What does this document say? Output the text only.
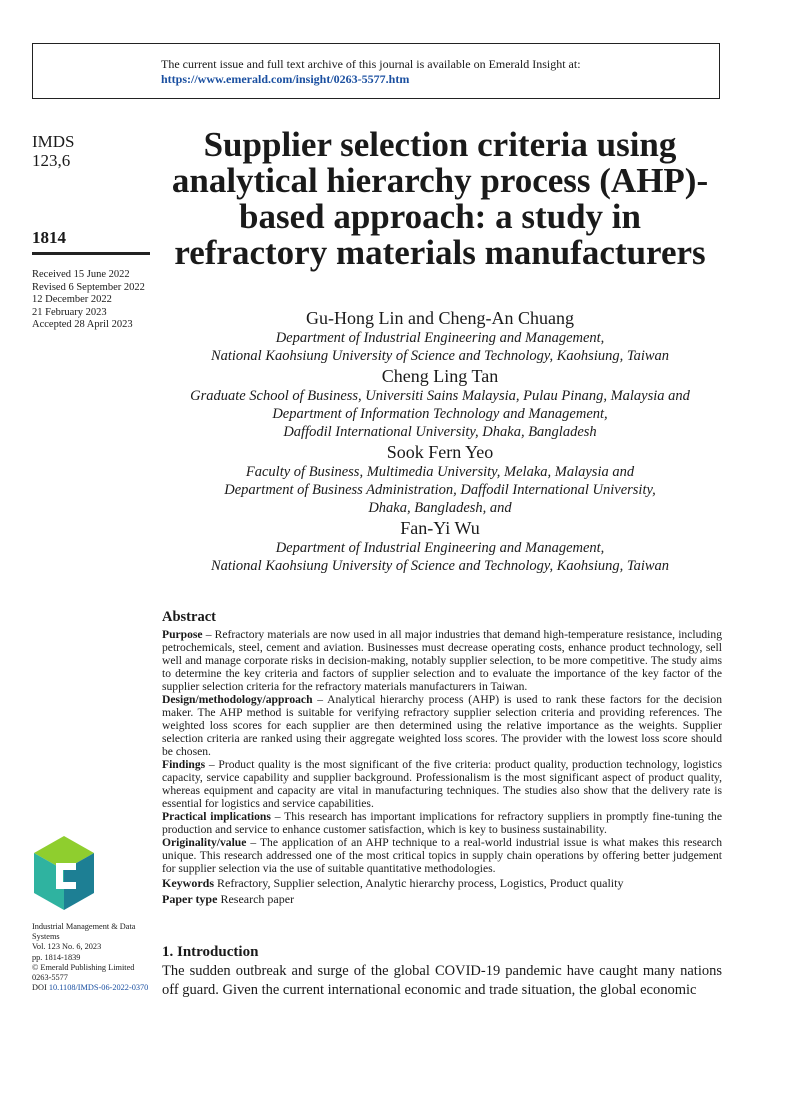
The current issue and full text archive of this journal is available on Emerald Insight at:
https://www.emerald.com/insight/0263-5577.htm
IMDS
123,6
1814
Received 15 June 2022
Revised 6 September 2022
12 December 2022
21 February 2023
Accepted 28 April 2023
Supplier selection criteria using analytical hierarchy process (AHP)-based approach: a study in refractory materials manufacturers
Gu-Hong Lin and Cheng-An Chuang
Department of Industrial Engineering and Management,
National Kaohsiung University of Science and Technology, Kaohsiung, Taiwan
Cheng Ling Tan
Graduate School of Business, Universiti Sains Malaysia, Pulau Pinang, Malaysia and
Department of Information Technology and Management,
Daffodil International University, Dhaka, Bangladesh
Sook Fern Yeo
Faculty of Business, Multimedia University, Melaka, Malaysia and
Department of Business Administration, Daffodil International University,
Dhaka, Bangladesh, and
Fan-Yi Wu
Department of Industrial Engineering and Management,
National Kaohsiung University of Science and Technology, Kaohsiung, Taiwan
Abstract

Purpose – Refractory materials are now used in all major industries that demand high-temperature resistance, including petrochemicals, steel, cement and aviation. Businesses must decrease operating costs, enhance product technology, sell well and manage corporate risks in decision-making, notably supplier selection, to be more competitive. The study aims to determine the key criteria and factors of supplier selection and to evaluate the importance of the key factor of the supplier selection criteria for the refractory materials manufacturers in Taiwan.

Design/methodology/approach – Analytical hierarchy process (AHP) is used to rank these factors for the decision maker. The AHP method is suitable for verifying refractory supplier selection criteria and providing references. The weighted loss scores for each supplier are then determined using the relative importance as the weights. Supplier selection criteria are ranked using their aggregate weighted loss scores. The provider with the lowest loss score should be chosen.

Findings – Product quality is the most significant of the five criteria: product quality, production technology, logistics capacity, service capability and supplier background. Professionalism is the most significant aspect of product quality, whereas equipment and capacity are vital in manufacturing techniques. The studies also show that the delivery rate is essential for logistics and service capabilities.

Practical implications – This research has important implications for refractory suppliers in promptly fine-tuning the production and service to enhance customer satisfaction, which is key to business sustainability.

Originality/value – The application of an AHP technique to a real-world industrial issue is what makes this research unique. This research addressed one of the most critical topics in supply chain operations by offering better judgement for supplier selection via the use of suitable quantitative methodologies.

Keywords Refractory, Supplier selection, Analytic hierarchy process, Logistics, Product quality
Paper type Research paper
1. Introduction

The sudden outbreak and surge of the global COVID-19 pandemic have caught many nations off guard. Given the current international economic and trade situation, the global economic

Industrial Management & Data Systems
Vol. 123 No. 6, 2023
pp. 1814-1839
© Emerald Publishing Limited
0263-5577
DOI 10.1108/IMDS-06-2022-0370
